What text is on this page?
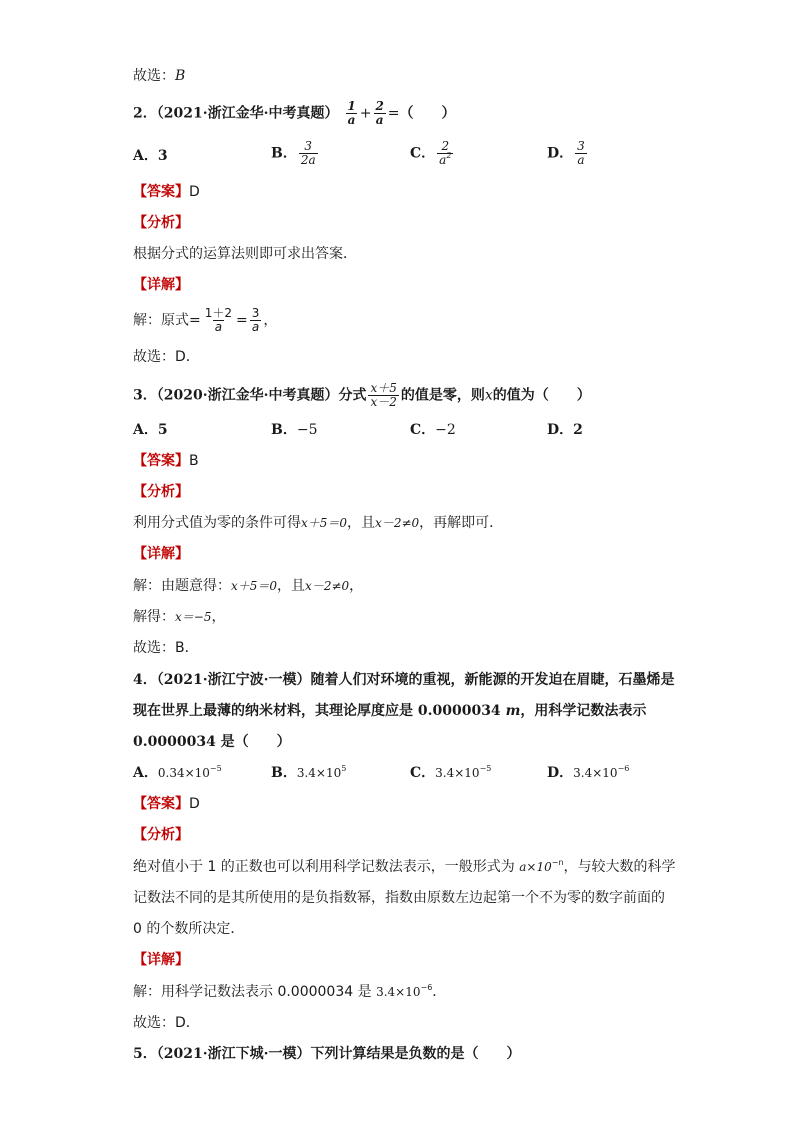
故选：B
2．（2021·浙江金华·中考真题） $\frac{1}{a} + \frac{2}{a}$ =（　　）
A．3	B． $\frac{3}{2a}$	C． $\frac{2}{a^2}$	D． $\frac{3}{a}$
【答案】D
【分析】
根据分式的运算法则即可求出答案．
【详解】
解：原式= $\frac{1+2}{a} = \frac{3}{a}$ ，
故选：D．
3．（2020·浙江金华·中考真题）分式 $\frac{x+5}{x-2}$ 的值是零，则x的值为（　　）
A．5	B．−5	C．−2	D．2
【答案】B
【分析】
利用分式值为零的条件可得x＋5＝0，且x－2≠0，再解即可．
【详解】
解：由题意得：x＋5＝0，且x－2≠0，
解得：x＝−5，
故选：B．
4．（2021·浙江宁波·一模）随着人们对环境的重视，新能源的开发迫在眉睫，石墨烯是
现在世界上最薄的纳米材料，其理论厚度应是 0.0000034 m，用科学记数法表示
0.0000034 是（　　）
A．$0.34\times 10^{-5}$	B．$3.4\times 10^5$	C．$3.4\times 10^{-5}$	D．$3.4\times 10^{-6}$
【答案】D
【分析】
绝对值小于 1 的正数也可以利用科学记数法表示，一般形式为 $a\times 10^{-n}$，与较大数的科学
记数法不同的是其所使用的是负指数幂，指数由原数左边起第一个不为零的数字前面的
0 的个数所决定．
【详解】
解：用科学记数法表示 0.0000034 是 $3.4\times 10^{-6}$．
故选：D．
5．（2021·浙江下城·一模）下列计算结果是负数的是（　　）
